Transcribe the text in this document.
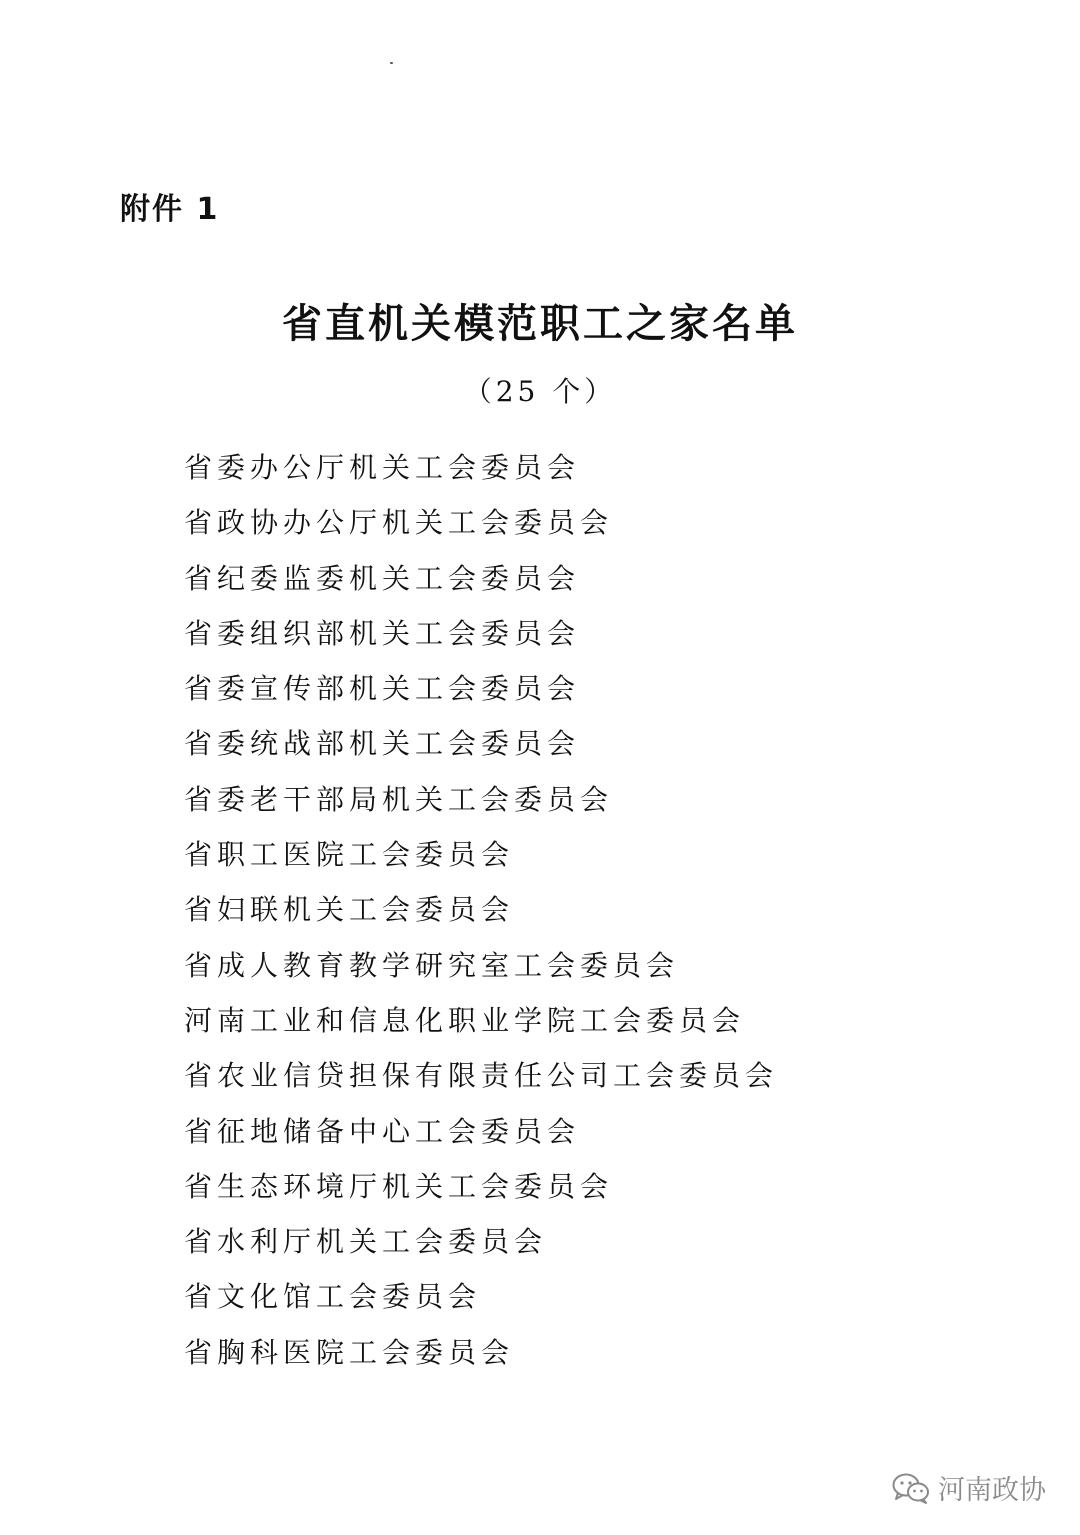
附件 1
省直机关模范职工之家名单
（25 个）
省委办公厅机关工会委员会
省政协办公厅机关工会委员会
省纪委监委机关工会委员会
省委组织部机关工会委员会
省委宣传部机关工会委员会
省委统战部机关工会委员会
省委老干部局机关工会委员会
省职工医院工会委员会
省妇联机关工会委员会
省成人教育教学研究室工会委员会
河南工业和信息化职业学院工会委员会
省农业信贷担保有限责任公司工会委员会
省征地储备中心工会委员会
省生态环境厅机关工会委员会
省水利厅机关工会委员会
省文化馆工会委员会
省胸科医院工会委员会
河南政协
